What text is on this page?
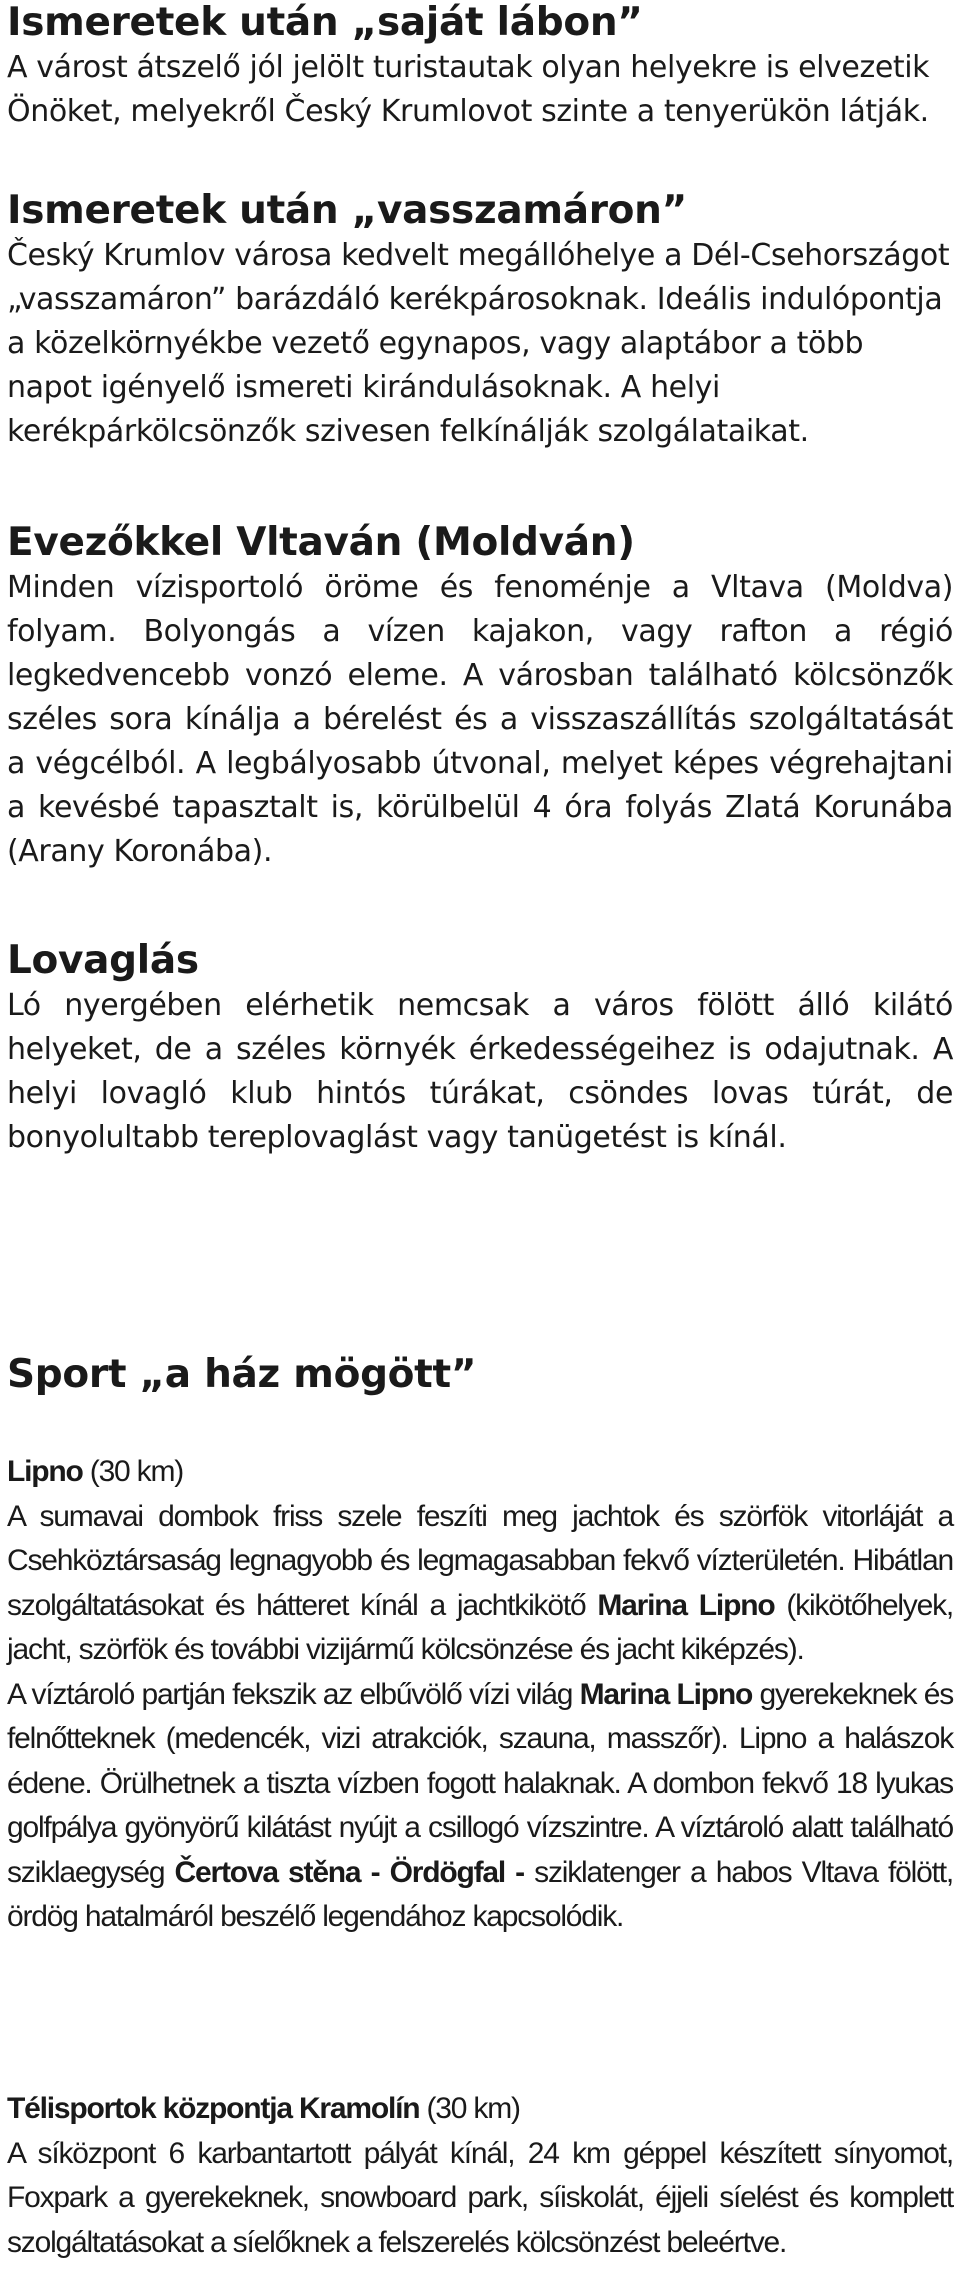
Ismeretek után „saját lábon”

A várost átszelő jól jelölt turistautak olyan helyekre is elvezetik Önöket, melyekről Český Krumlovot szinte a tenyerükön látják.

Ismeretek után „vasszamáron”

Český Krumlov városa kedvelt megállóhelye a Dél-Csehországot „vasszamáron” barázdáló kerékpárosoknak. Ideális indulópontja a közelkörnyékbe vezető egynapos, vagy alaptábor a több napot igényelő ismereti kirándulásoknak. A helyi kerékpárkölcsönzők szivesen felkínálják szolgálataikat.

Evezőkkel Vltaván (Moldván)

Minden vízisportoló öröme és fenoménje a Vltava (Moldva) folyam. Bolyongás a vízen kajakon, vagy rafton a régió legkedvencebb vonzó eleme. A városban található kölcsönzők széles sora kínálja a bérelést és a visszaszállítás szolgáltatását a végcélból. A legbályosabb útvonal, melyet képes végrehajtani a kevésbé tapasztalt is, körülbelül 4 óra folyás Zlatá Korunába (Arany Koronába).

Lovaglás

Ló nyergében elérhetik nemcsak a város fölött álló kilátó helyeket, de a széles környék érkedességeihez is odajutnak. A helyi lovagló klub hintós túrákat, csöndes lovas túrát, de bonyolultabb tereplovaglást vagy tanügetést is kínál.

Sport „a ház mögött”

Lipno (30 km)

A sumavai dombok friss szele feszíti meg jachtok és szörfök vitorláját a Csehköztársaság legnagyobb és legmagasabban fekvő vízterületén. Hibátlan szolgáltatásokat és hátteret kínál a jachtkikötő Marina Lipno (kikötőhelyek, jacht, szörfök és további vizijármű kölcsönzése és jacht kiképzés).

A víztároló partján fekszik az elbűvölő vízi világ Marina Lipno gyerekeknek és felnőtteknek (medencék, vizi atrakciók, szauna, masszőr). Lipno a halászok édene. Örülhetnek a tiszta vízben fogott halaknak. A dombon fekvő 18 lyukas golfpálya gyönyörű kilátást nyújt a csillogó vízszintre. A víztároló alatt található sziklaegység Čertova stěna - Ördögfal - sziklatenger a habos Vltava fölött, ördög hatalmáról beszélő legendához kapcsolódik.

Télisportok központja Kramolín (30 km)

A síközpont 6 karbantartott pályát kínál, 24 km géppel készített sínyomot, Foxpark a gyerekeknek, snowboard park, síiskolát, éjjeli síelést és komplett szolgáltatásokat a síelőknek a felszerelés kölcsönzést beleértve.
